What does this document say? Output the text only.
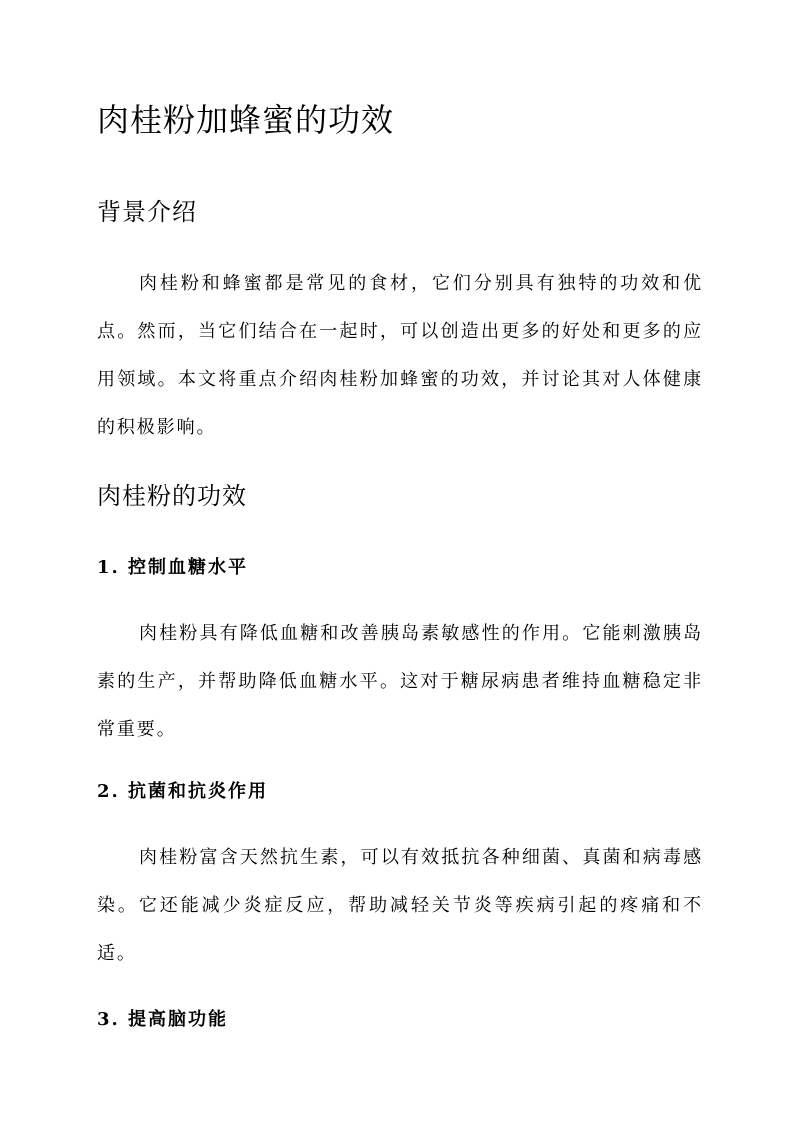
肉桂粉加蜂蜜的功效
背景介绍

肉桂粉和蜂蜜都是常见的食材，它们分别具有独特的功效和优点。然而，当它们结合在一起时，可以创造出更多的好处和更多的应用领域。本文将重点介绍肉桂粉加蜂蜜的功效，并讨论其对人体健康的积极影响。

肉桂粉的功效
1. 控制血糖水平

肉桂粉具有降低血糖和改善胰岛素敏感性的作用。它能刺激胰岛素的生产，并帮助降低血糖水平。这对于糖尿病患者维持血糖稳定非常重要。

2. 抗菌和抗炎作用

肉桂粉富含天然抗生素，可以有效抵抗各种细菌、真菌和病毒感染。它还能减少炎症反应，帮助减轻关节炎等疾病引起的疼痛和不适。

3. 提高脑功能
